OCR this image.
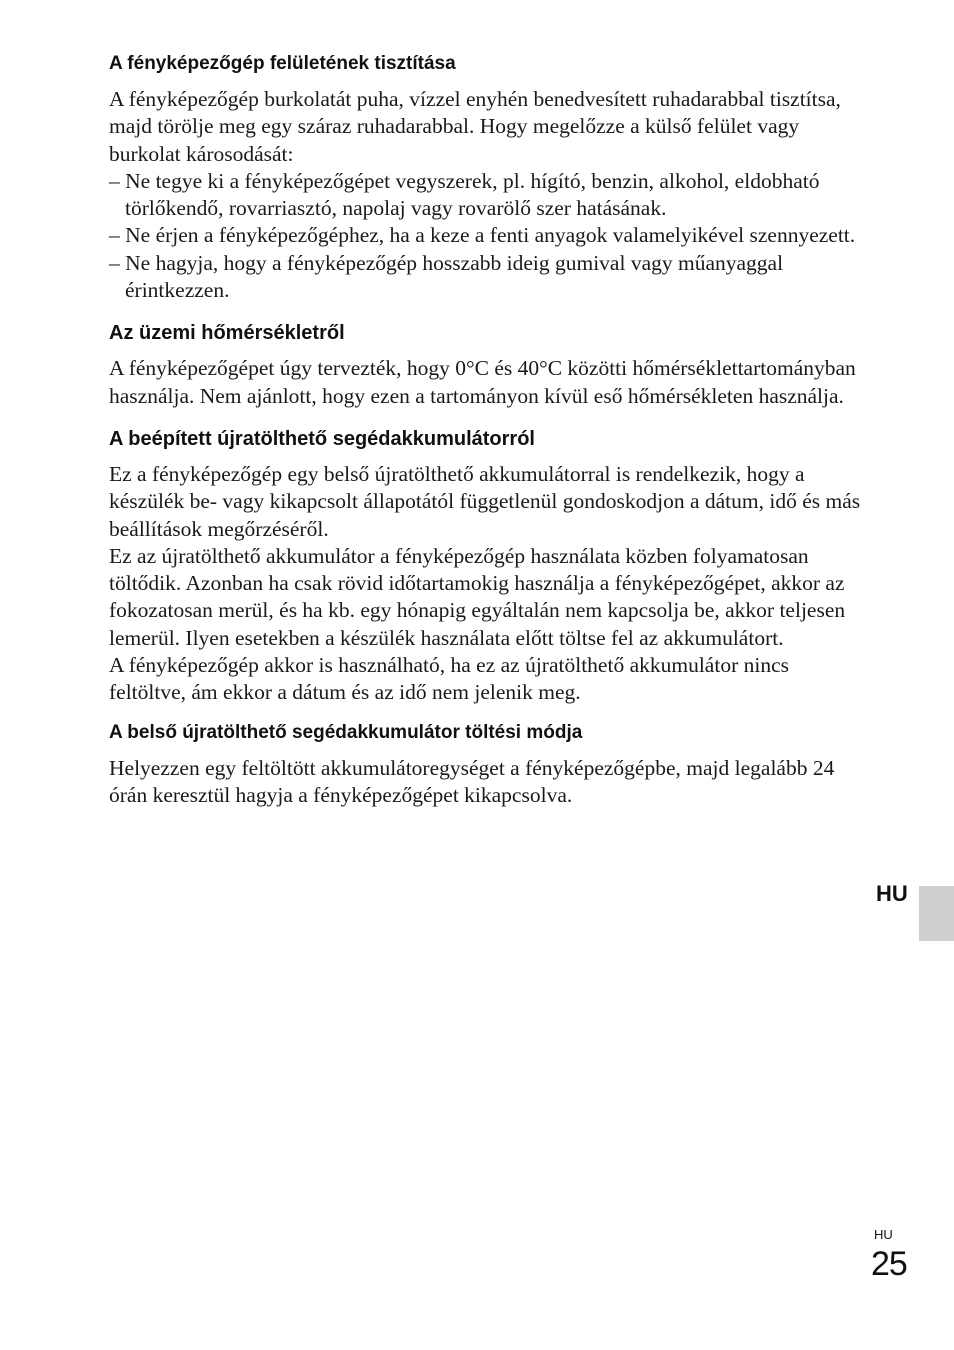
A fényképezőgép felületének tisztítása

A fényképezőgép burkolatát puha, vízzel enyhén benedvesített ruhadarabbal tisztítsa, majd törölje meg egy száraz ruhadarabbal. Hogy megelőzze a külső felület vagy burkolat károsodását:

– Ne tegye ki a fényképezőgépet vegyszerek, pl. hígító, benzin, alkohol, eldobható törlőkendő, rovarriasztó, napolaj vagy rovarölő szer hatásának.
– Ne érjen a fényképezőgéphez, ha a keze a fenti anyagok valamelyikével szennyezett.
– Ne hagyja, hogy a fényképezőgép hosszabb ideig gumival vagy műanyaggal érintkezzen.
Az üzemi hőmérsékletről

A fényképezőgépet úgy tervezték, hogy 0°C és 40°C közötti hőmérséklettartományban használja. Nem ajánlott, hogy ezen a tartományon kívül eső hőmérsékleten használja.

A beépített újratölthető segédakkumulátorról

Ez a fényképezőgép egy belső újratölthető akkumulátorral is rendelkezik, hogy a készülék be- vagy kikapcsolt állapotától függetlenül gondoskodjon a dátum, idő és más beállítások megőrzéséről.

Ez az újratölthető akkumulátor a fényképezőgép használata közben folyamatosan töltődik. Azonban ha csak rövid időtartamokig használja a fényképezőgépet, akkor az fokozatosan merül, és ha kb. egy hónapig egyáltalán nem kapcsolja be, akkor teljesen lemerül. Ilyen esetekben a készülék használata előtt töltse fel az akkumulátort.

A fényképezőgép akkor is használható, ha ez az újratölthető akkumulátor nincs feltöltve, ám ekkor a dátum és az idő nem jelenik meg.

A belső újratölthető segédakkumulátor töltési módja

Helyezzen egy feltöltött akkumulátoregységet a fényképezőgépbe, majd legalább 24 órán keresztül hagyja a fényképezőgépet kikapcsolva.

HU
HU
25
